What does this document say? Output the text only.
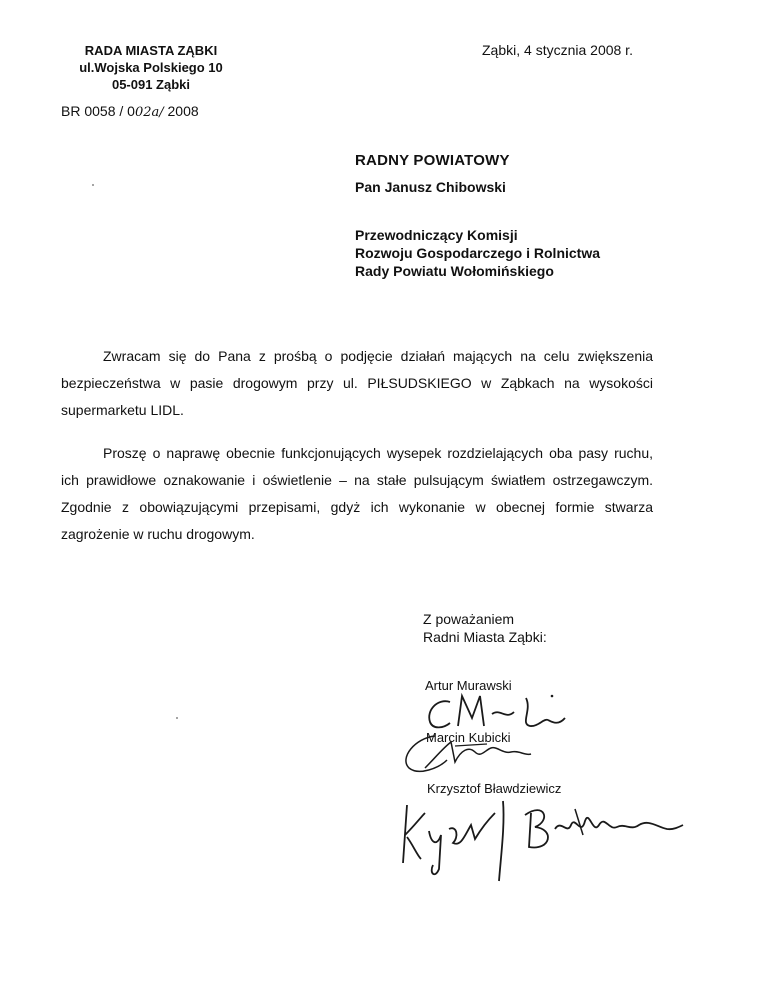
RADA MIASTA ZĄBKI
ul.Wojska Polskiego 10
05-091 Ząbki
BR 0058 / 002a/ 2008
Ząbki, 4 stycznia 2008 r.
RADNY POWIATOWY
Pan Janusz Chibowski
Przewodniczący Komisji
Rozwoju Gospodarczego i Rolnictwa
Rady Powiatu Wołomińskiego
Zwracam się do Pana z prośbą o podjęcie działań mających na celu zwiększenia bezpieczeństwa w pasie drogowym przy ul. PIŁSUDSKIEGO w Ząbkach na wysokości supermarketu LIDL.
Proszę o naprawę obecnie funkcjonujących wysepek rozdzielających oba pasy ruchu, ich prawidłowe oznakowanie i oświetlenie – na stałe pulsującym światłem ostrzegawczym. Zgodnie z obowiązującymi przepisami, gdyż ich wykonanie w obecnej formie stwarza zagrożenie w ruchu drogowym.
Z poważaniem
Radni Miasta Ząbki:
Artur Murawski
Marcin Kubicki
Krzysztof Bławdziewicz
